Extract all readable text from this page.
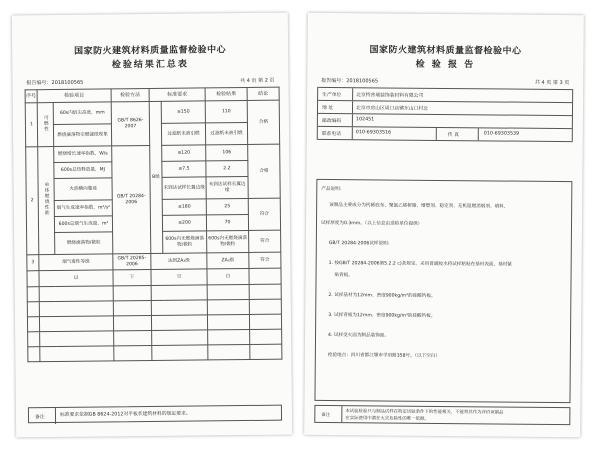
国家防火建筑材料质量监督检验中心
检验结果汇总表
报告编号：2018100565	共 4 页 第 2 页
序号	检验项目		检验方法	标准要求		检验结果	结论
1	可燃性	60s内焰尖高度，mm	GB/T 8626-2007	B级	≤150	110	合格
		燃烧滴落物引燃滤纸现象			过滤纸未被引燃	过滤纸未被引燃	
2	单体燃烧性能	燃烧增长速率指数，W/s	GB/T 20284-2006		≤120	106	合格
		600s总热释放量，MJ			≤7.5	2.2	
		火焰横向蔓延			未到达试样长翼边缘	未到达试样长翼边缘	
		烟气生成速率指数，m²/s²			≤180	25	符合
		600s总烟气生成量，m²			≤200	70	
		燃烧滴落物/微粒			600s内无燃烧滴落物/微粒	600s内无燃烧滴落物/微粒	符合
3	烟气毒性等级		GB/T 20285-2006	达到ZA₃级		ZA₂级	符合
	以		下	空		白	

备注	标准要求依据GB 8624-2012对平板状建筑材料的规定要求。
国家防火建筑材料质量监督检验中心
检 验 报 告
报告编号：2018100565	共 4 页 第 3 页
生产单位	北京特普瑞装饰装材料有限公司
地 址	北京市房山区周口店镇东山口村北
邮政编码	102451
联系电话	010-69303516
传 真	010-69303539

产品说明：

该制品主要成分为钙稀底布、聚氯乙烯树脂、增塑剂、稳定剂、无机阻燃消烟剂、填料，

试样厚度为0.3mm。（以上信息由送检单位提供）

GB/T 20284-2006试样说明：

1. 按GB/T 20284-2006第5.2.2 c)条规定，采用普通胶水将试样粘贴在基材表面，基材紧

贴背板。

2. 试样基材为12mm、密度900kg/m³的硅酸钙板。

3. 试样背板为12mm、密度900kg/m³的硅酸钙板。

4. 试样受火面为制品装饰面。

检验地点：四川省都江堰市学府路358号。（以下空白）

备注	本试验检验只与制品试样在特定试验条件下的性能相关，不能将其作为评价该制品
在实际使用中潜在火灾危险性的唯一依据。
